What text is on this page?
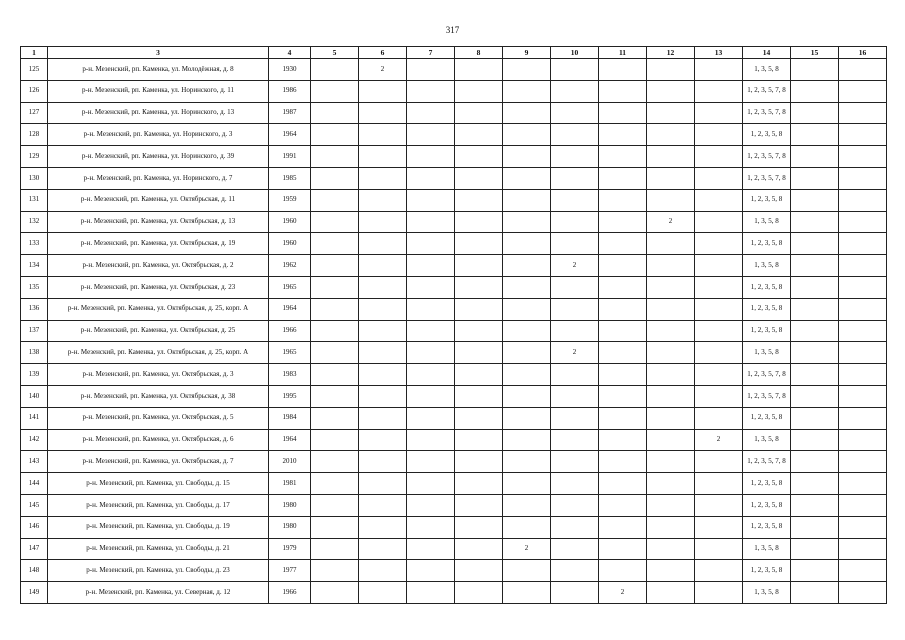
317
1	3	4	5	6	7	8	9	10	11	12	13	14	15	16
125	р-н. Мезенский, рп. Каменка, ул. Молодёжная, д. 8	1930		2								1, 3, 5, 8		
126	р-н. Мезенский, рп. Каменка, ул. Норинского, д. 11	1986										1, 2, 3, 5, 7, 8		
127	р-н. Мезенский, рп. Каменка, ул. Норинского, д. 13	1987										1, 2, 3, 5, 7, 8		
128	р-н. Мезенский, рп. Каменка, ул. Норинского, д. 3	1964										1, 2, 3, 5, 8		
129	р-н. Мезенский, рп. Каменка, ул. Норинского, д. 39	1991										1, 2, 3, 5, 7, 8		
130	р-н. Мезенский, рп. Каменка, ул. Норинского, д. 7	1985										1, 2, 3, 5, 7, 8		
131	р-н. Мезенский, рп. Каменка, ул. Октябрьская, д. 11	1959										1, 2, 3, 5, 8		
132	р-н. Мезенский, рп. Каменка, ул. Октябрьская, д. 13	1960								2		1, 3, 5, 8		
133	р-н. Мезенский, рп. Каменка, ул. Октябрьская, д. 19	1960										1, 2, 3, 5, 8		
134	р-н. Мезенский, рп. Каменка, ул. Октябрьская, д. 2	1962						2				1, 3, 5, 8		
135	р-н. Мезенский, рп. Каменка, ул. Октябрьская, д. 23	1965										1, 2, 3, 5, 8		
136	р-н. Мезенский, рп. Каменка, ул. Октябрьская, д. 25, корп. А	1964										1, 2, 3, 5, 8		
137	р-н. Мезенский, рп. Каменка, ул. Октябрьская, д. 25	1966										1, 2, 3, 5, 8		
138	р-н. Мезенский, рп. Каменка, ул. Октябрьская, д. 25, корп. А	1965						2				1, 3, 5, 8		
139	р-н. Мезенский, рп. Каменка, ул. Октябрьская, д. 3	1983										1, 2, 3, 5, 7, 8		
140	р-н. Мезенский, рп. Каменка, ул. Октябрьская, д. 38	1995										1, 2, 3, 5, 7, 8		
141	р-н. Мезенский, рп. Каменка, ул. Октябрьская, д. 5	1984										1, 2, 3, 5, 8		
142	р-н. Мезенский, рп. Каменка, ул. Октябрьская, д. 6	1964									2	1, 3, 5, 8		
143	р-н. Мезенский, рп. Каменка, ул. Октябрьская, д. 7	2010										1, 2, 3, 5, 7, 8		
144	р-н. Мезенский, рп. Каменка, ул. Свободы, д. 15	1981										1, 2, 3, 5, 8		
145	р-н. Мезенский, рп. Каменка, ул. Свободы, д. 17	1980										1, 2, 3, 5, 8		
146	р-н. Мезенский, рп. Каменка, ул. Свободы, д. 19	1980										1, 2, 3, 5, 8		
147	р-н. Мезенский, рп. Каменка, ул. Свободы, д. 21	1979					2					1, 3, 5, 8		
148	р-н. Мезенский, рп. Каменка, ул. Свободы, д. 23	1977										1, 2, 3, 5, 8		
149	р-н. Мезенский, рп. Каменка, ул. Северная, д. 12	1966							2			1, 3, 5, 8		
